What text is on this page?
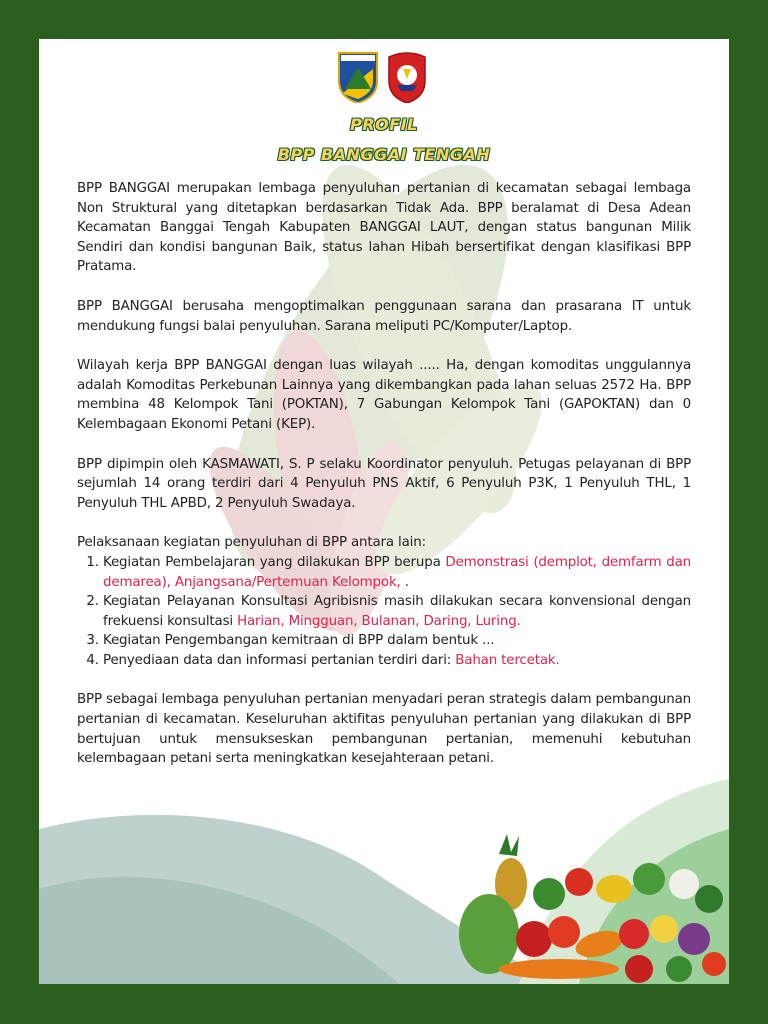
PROFIL
BPP BANGGAI TENGAH

BPP BANGGAI merupakan lembaga penyuluhan pertanian di kecamatan sebagai lembaga Non Struktural yang ditetapkan berdasarkan Tidak Ada. BPP beralamat di Desa Adean Kecamatan Banggai Tengah Kabupaten BANGGAI LAUT, dengan status bangunan Milik Sendiri dan kondisi bangunan Baik, status lahan Hibah bersertifikat dengan klasifikasi BPP Pratama.

BPP BANGGAI berusaha mengoptimalkan penggunaan sarana dan prasarana IT untuk mendukung fungsi balai penyuluhan. Sarana meliputi PC/Komputer/Laptop.

Wilayah kerja BPP BANGGAI dengan luas wilayah ..... Ha, dengan komoditas unggulannya adalah Komoditas Perkebunan Lainnya yang dikembangkan pada lahan seluas 2572 Ha. BPP membina 48 Kelompok Tani (POKTAN), 7 Gabungan Kelompok Tani (GAPOKTAN) dan 0 Kelembagaan Ekonomi Petani (KEP).

BPP dipimpin oleh KASMAWATI, S. P selaku Koordinator penyuluh. Petugas pelayanan di BPP sejumlah 14 orang terdiri dari 4 Penyuluh PNS Aktif, 6 Penyuluh P3K, 1 Penyuluh THL, 1 Penyuluh THL APBD, 2 Penyuluh Swadaya.

Pelaksanaan kegiatan penyuluhan di BPP antara lain:

1. Kegiatan Pembelajaran yang dilakukan BPP berupa Demonstrasi (demplot, demfarm dan demarea), Anjangsana/Pertemuan Kelompok, .
2. Kegiatan Pelayanan Konsultasi Agribisnis masih dilakukan secara konvensional dengan frekuensi konsultasi Harian, Mingguan, Bulanan, Daring, Luring.
3. Kegiatan Pengembangan kemitraan di BPP dalam bentuk ...
4. Penyediaan data dan informasi pertanian terdiri dari: Bahan tercetak.

BPP sebagai lembaga penyuluhan pertanian menyadari peran strategis dalam pembangunan pertanian di kecamatan. Keseluruhan aktifitas penyuluhan pertanian yang dilakukan di BPP bertujuan untuk mensukseskan pembangunan pertanian, memenuhi kebutuhan kelembagaan petani serta meningkatkan kesejahteraan petani.
